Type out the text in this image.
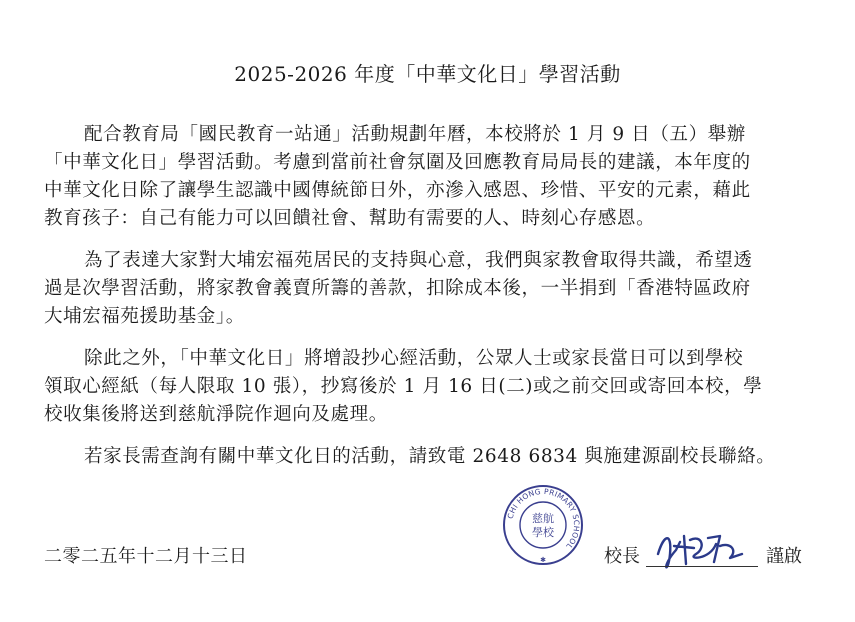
2025-2026 年度「中華文化日」學習活動
配合教育局「國民教育一站通」活動規劃年曆，本校將於 1 月 9 日（五）舉辦
「中華文化日」學習活動。考慮到當前社會氛圍及回應教育局局長的建議，本年度的
中華文化日除了讓學生認識中國傳統節日外，亦滲入感恩、珍惜、平安的元素，藉此
教育孩子：自己有能力可以回饋社會、幫助有需要的人、時刻心存感恩。
為了表達大家對大埔宏福苑居民的支持與心意，我們與家教會取得共識，希望透
過是次學習活動，將家教會義賣所籌的善款，扣除成本後，一半捐到「香港特區政府
大埔宏福苑援助基金」。
除此之外，「中華文化日」將增設抄心經活動，公眾人士或家長當日可以到學校
領取心經紙（每人限取 10 張），抄寫後於 1 月 16 日(二)或之前交回或寄回本校，學
校收集後將送到慈航淨院作迴向及處理。
若家長需查詢有關中華文化日的活動，請致電 2648 6834 與施建源副校長聯絡。
CHI HONG PRIMARY SCHOOL
慈航
學校
✱
二零二五年十二月十三日	校長	謹啟
